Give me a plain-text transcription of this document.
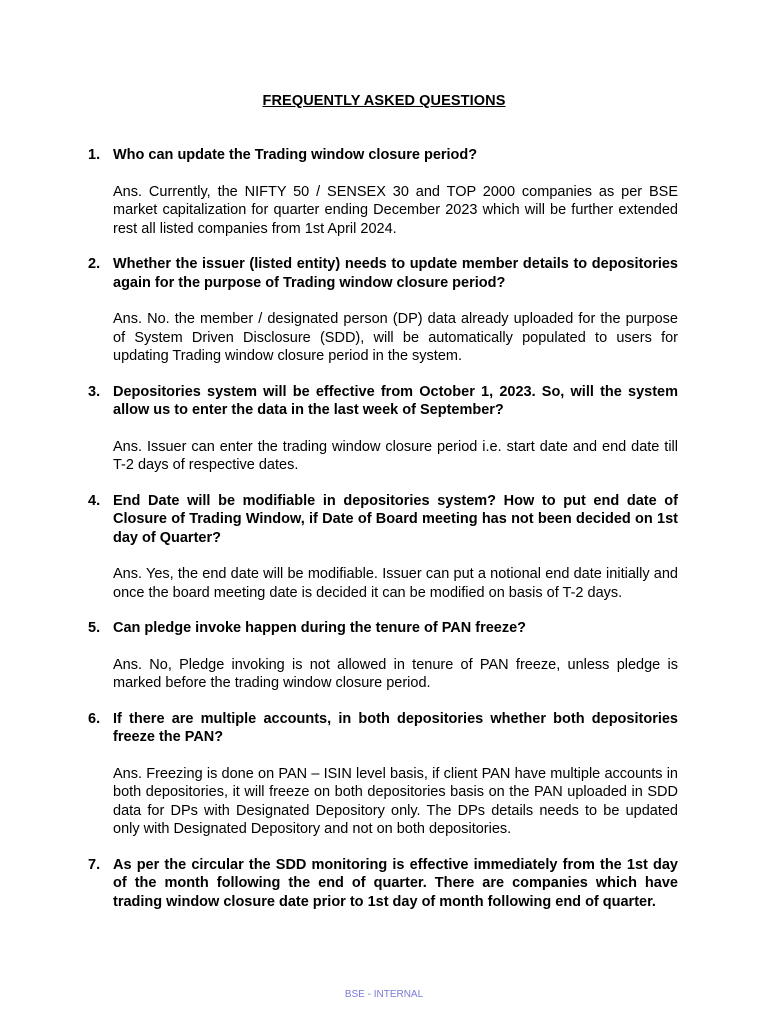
FREQUENTLY ASKED QUESTIONS
1. Who can update the Trading window closure period?

Ans. Currently, the NIFTY 50 / SENSEX 30 and TOP 2000 companies as per BSE market capitalization for quarter ending December 2023 which will be further extended rest all listed companies from 1st April 2024.

2. Whether the issuer (listed entity) needs to update member details to depositories again for the purpose of Trading window closure period?

Ans. No. the member / designated person (DP) data already uploaded for the purpose of System Driven Disclosure (SDD), will be automatically populated to users for updating Trading window closure period in the system.

3. Depositories system will be effective from October 1, 2023. So, will the system allow us to enter the data in the last week of September?

Ans. Issuer can enter the trading window closure period i.e. start date and end date till T-2 days of respective dates.

4. End Date will be modifiable in depositories system? How to put end date of Closure of Trading Window, if Date of Board meeting has not been decided on 1st day of Quarter?

Ans. Yes, the end date will be modifiable. Issuer can put a notional end date initially and once the board meeting date is decided it can be modified on basis of T-2 days.

5. Can pledge invoke happen during the tenure of PAN freeze?

Ans. No, Pledge invoking is not allowed in tenure of PAN freeze, unless pledge is marked before the trading window closure period.

6. If there are multiple accounts, in both depositories whether both depositories freeze the PAN?

Ans. Freezing is done on PAN – ISIN level basis, if client PAN have multiple accounts in both depositories, it will freeze on both depositories basis on the PAN uploaded in SDD data for DPs with Designated Depository only. The DPs details needs to be updated only with Designated Depository and not on both depositories.

7. As per the circular the SDD monitoring is effective immediately from the 1st day of the month following the end of quarter. There are companies which have trading window closure date prior to 1st day of month following end of quarter.

BSE - INTERNAL
